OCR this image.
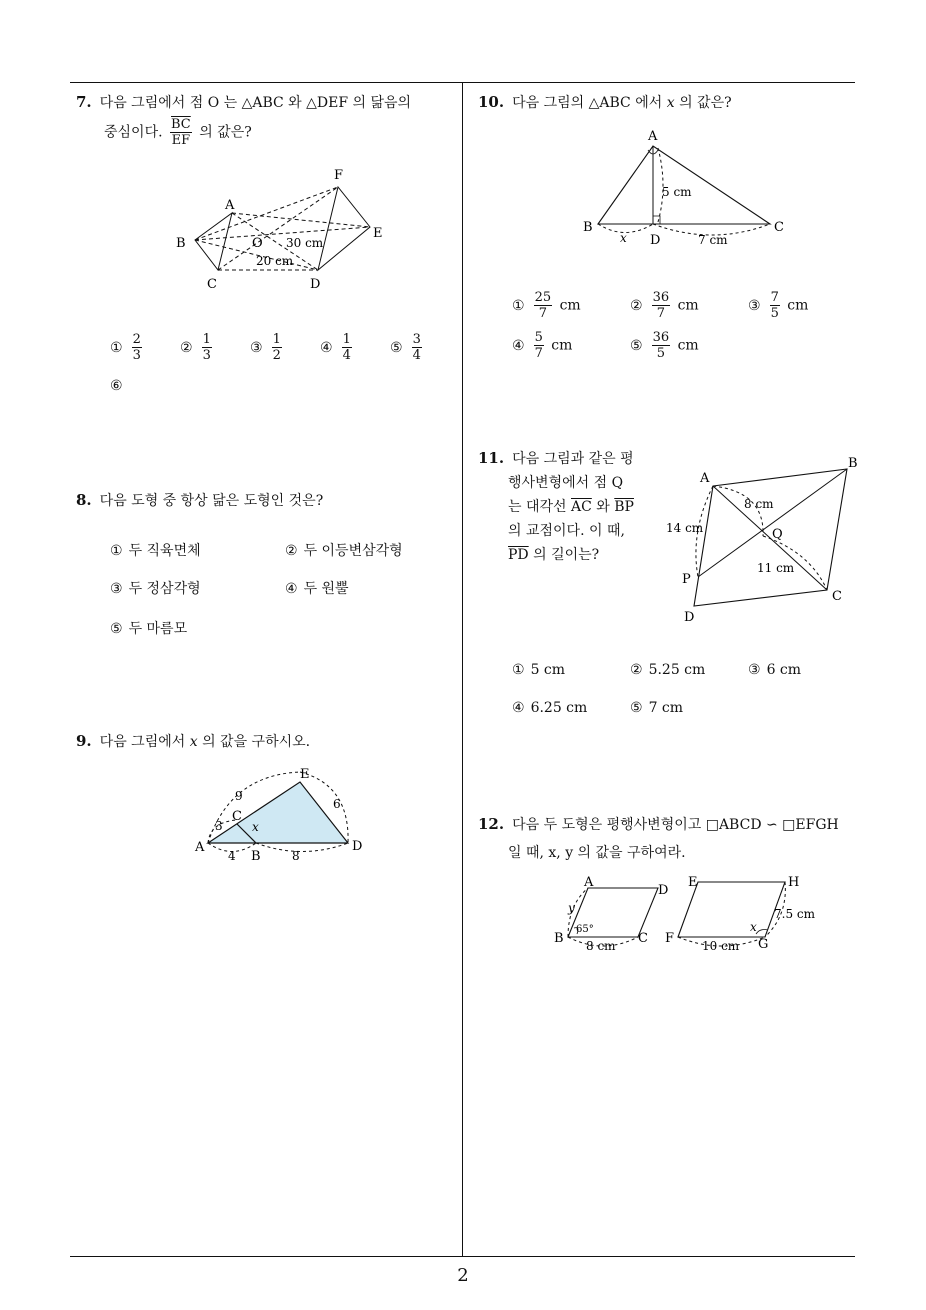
7. 다음 그림에서 점 O 는 △ABC 와 △DEF 의 닮음의
중심이다. $\frac{\overline{BC}}{EF}$ 의 값은?
A
B
C	D
E
F
O 30 cm
20 cm
① $\frac{2}{3}$	② $\frac{1}{3}$	③ $\frac{1}{2}$	④ $\frac{1}{4}$	⑤ $\frac{3}{4}$
⑥
8. 다음 도형 중 항상 닮은 도형인 것은?
① 두 직육면체	② 두 이등변삼각형
③ 두 정삼각형	④ 두 원뿔
⑤ 두 마름모
9. 다음 그림에서 x 의 값을 구하시오.
E
A
B
C
D
9
6
3
4	8
x
10. 다음 그림의 △ABC 에서 x 의 값은?
A
B	C
D
5 cm
x	7 cm
① $\frac{25}{7}$ cm	② $\frac{36}{7}$ cm	③ $\frac{7}{5}$ cm
④ $\frac{5}{7}$ cm	⑤ $\frac{36}{5}$ cm
11. 다음 그림과 같은 평
행사변형에서 점 Q
는 대각선 $\overline{AC}$ 와 $\overline{BP}$
의 교점이다. 이 때,
$\overline{PD}$ 의 길이는?
A
B
C
D
P
Q
8 cm
14 cm
11 cm
① 5 cm	② 5.25 cm	③ 6 cm
④ 6.25 cm	⑤ 7 cm
12. 다음 두 도형은 평행사변형이고 □ABCD ∽ □EFGH
일 때, x, y 의 값을 구하여라.
A
B	C
D
E
F	G
H
y
65°
8 cm	10 cm
x
7.5 cm
2
